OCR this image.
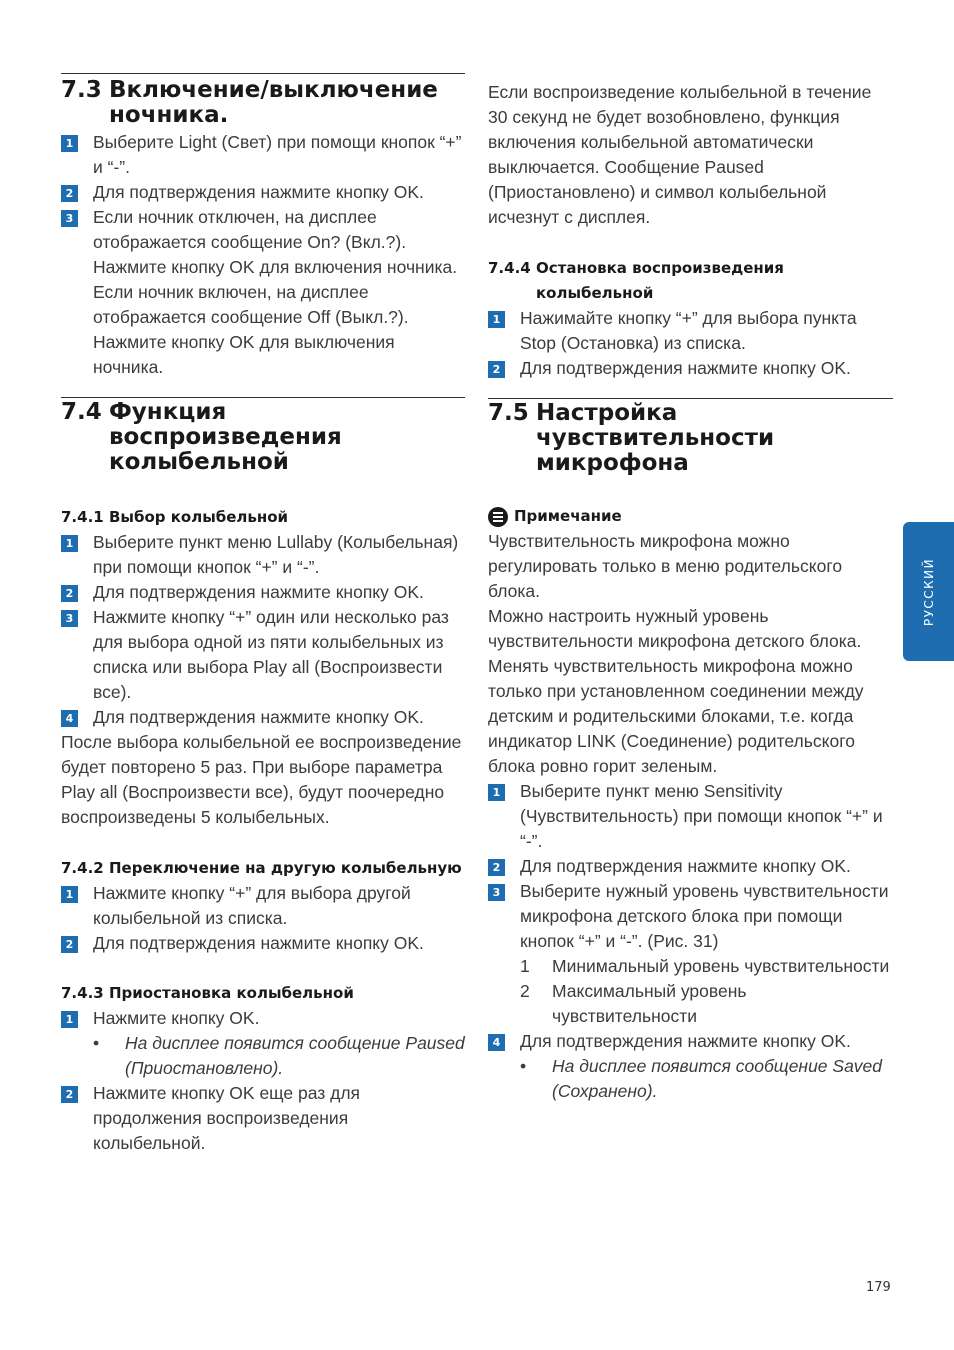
7.3 Включение/выключение ночника.
1 Выберите Light (Свет) при помощи кнопок “+” и “-”.
2 Для подтверждения нажмите кнопку OK.
3 Если ночник отключен, на дисплее отображается сообщение On? (Вкл.?). Нажмите кнопку OK для включения ночника. Если ночник включен, на дисплее отображается сообщение Off (Выкл.?). Нажмите кнопку OK для выключения ночника.
7.4 Функция воспроизведения колыбельной
7.4.1 Выбор колыбельной
1 Выберите пункт меню Lullaby (Колыбельная) при помощи кнопок “+” и “-”.
2 Для подтверждения нажмите кнопку OK.
3 Нажмите кнопку “+” один или несколько раз для выбора одной из пяти колыбельных из списка или выбора Play all (Воспроизвести все).
4 Для подтверждения нажмите кнопку OK.

После выбора колыбельной ее воспроизведение будет повторено 5 раз. При выборе параметра Play all (Воспроизвести все), будут поочередно воспроизведены 5 колыбельных.

7.4.2 Переключение на другую колыбельную
1 Нажмите кнопку “+” для выбора другой колыбельной из списка.
2 Для подтверждения нажмите кнопку OK.
7.4.3 Приостановка колыбельной
1 Нажмите кнопку OK.
• На дисплее появится сообщение Paused (Приостановлено).
2 Нажмите кнопку OK еще раз для продолжения воспроизведения колыбельной.

Если воспроизведение колыбельной в течение 30 секунд не будет возобновлено, функция включения колыбельной автоматически выключается. Сообщение Paused (Приостановлено) и символ колыбельной исчезнут с дисплея.

7.4.4 Остановка воспроизведения колыбельной
1 Нажимайте кнопку “+” для выбора пункта Stop (Остановка) из списка.
2 Для подтверждения нажмите кнопку OK.
7.5 Настройка чувствительности микрофона
Примечание

Чувствительность микрофона можно регулировать только в меню родительского блока.

Можно настроить нужный уровень чувствительности микрофона детского блока. Менять чувствительность микрофона можно только при установленном соединении между детским и родительскими блоками, т.е. когда индикатор LINK (Соединение) родительского блока ровно горит зеленым.

1 Выберите пункт меню Sensitivity (Чувствительность) при помощи кнопок “+” и “-”.
2 Для подтверждения нажмите кнопку OK.
3 Выберите нужный уровень чувствительности микрофона детского блока при помощи кнопок “+” и “-”. (Рис. 31)
1 Минимальный уровень чувствительности
2 Максимальный уровень чувствительности
4 Для подтверждения нажмите кнопку OK.
• На дисплее появится сообщение Saved (Сохранено).
РУССКИЙ
179
